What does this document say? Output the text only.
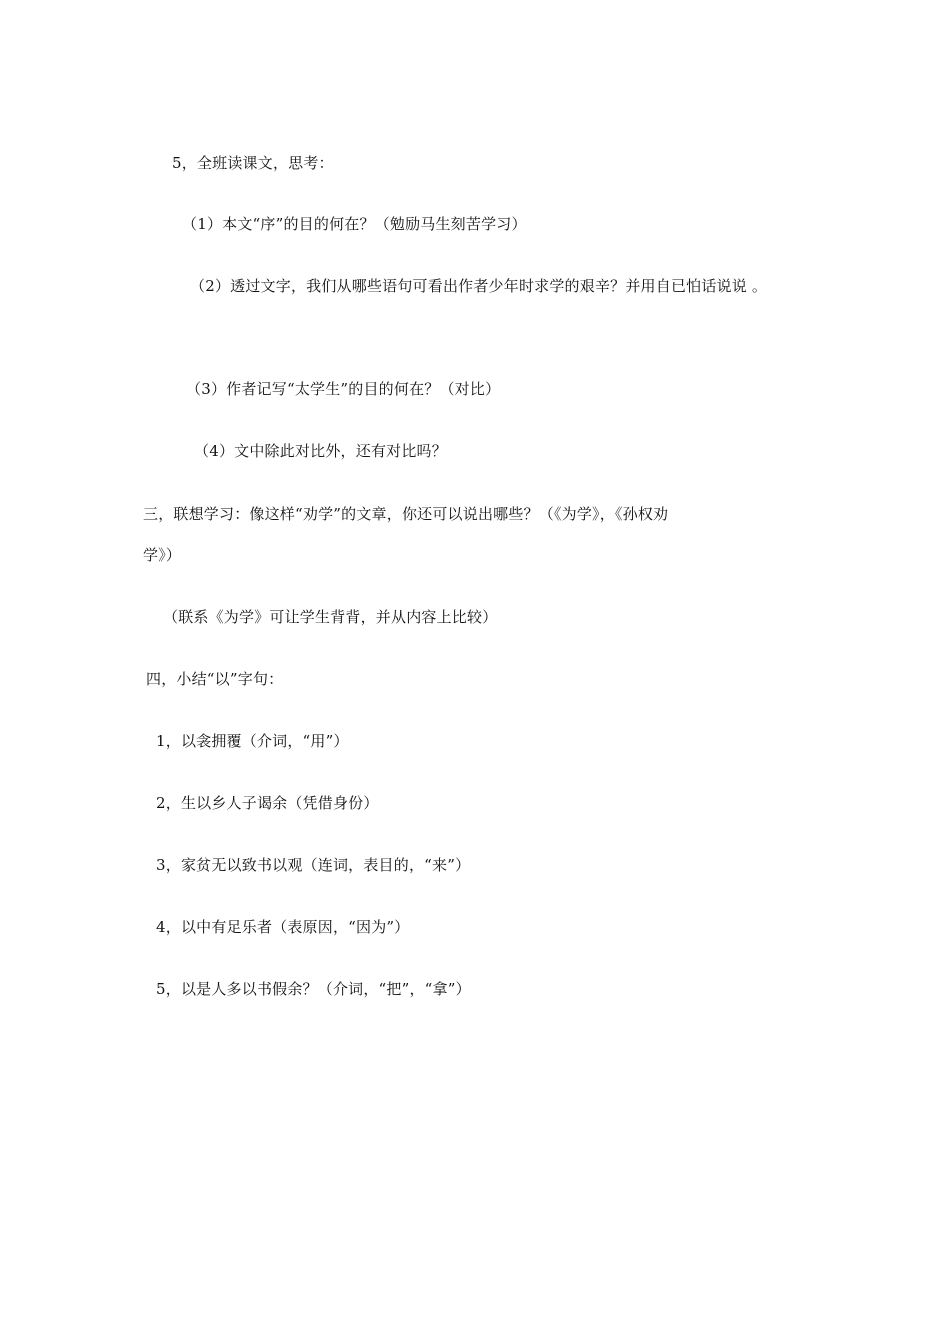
5，全班读课文，思考：
（1）本文“序”的目的何在？（勉励马生刻苦学习）
（2）透过文字，我们从哪些语句可看出作者少年时求学的艰辛？并用自已怕话说说 。
（3）作者记写“太学生”的目的何在？（对比）
（4）文中除此对比外，还有对比吗？
三，联想学习：像这样“劝学”的文章，你还可以说出哪些？（《为学》，《孙权劝
学》）
（联系《为学》可让学生背背，并从内容上比较）
四，小结“以”字句：
1，以衾拥覆（介词，“用”）
2，生以乡人子谒余（凭借身份）
3，家贫无以致书以观（连词，表目的，“来”）
4，以中有足乐者（表原因，“因为”）
5，以是人多以书假余？（介词，“把”，“拿”）
